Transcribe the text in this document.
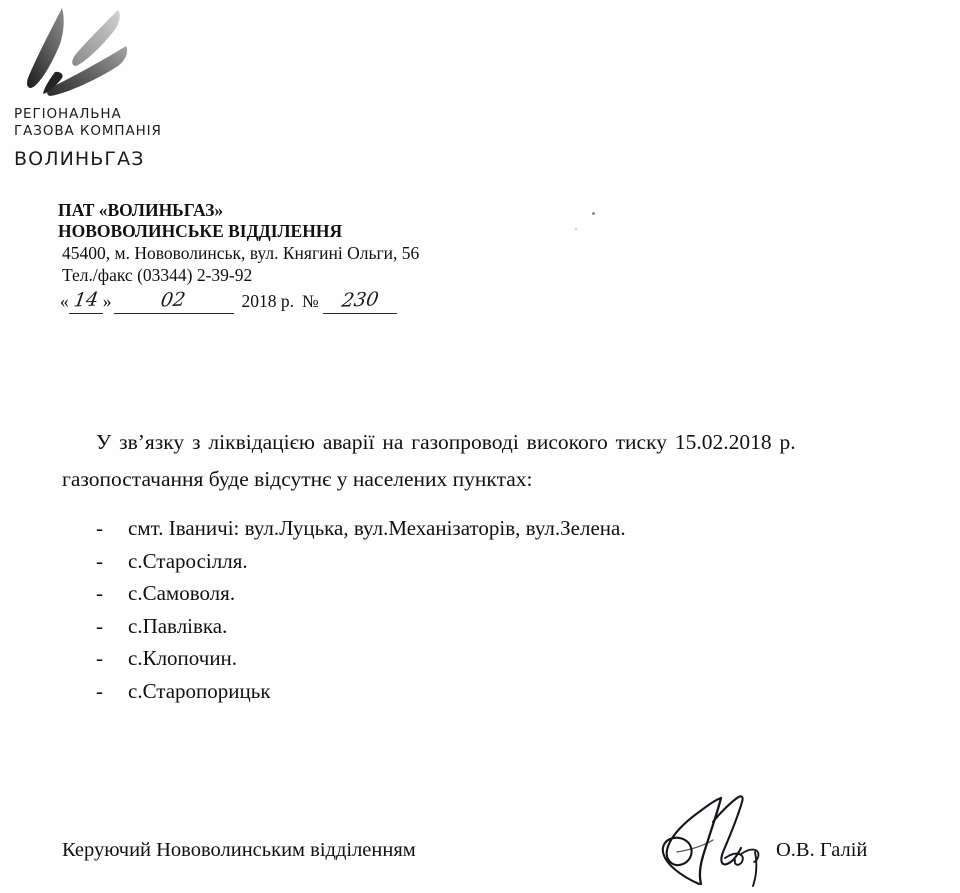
РЕГІОНАЛЬНА
ГАЗОВА КОМПАНІЯ
ВОЛИНЬГАЗ
ПАТ «ВОЛИНЬГАЗ»
НОВОВОЛИНСЬКЕ ВІДДІЛЕННЯ
45400, м. Нововолинськ, вул. Княгині Ольги, 56
Тел./факс (03344) 2-39-92
« 14 »	02	2018 р. №	230

У зв’язку з ліквідацією аварії на газопроводі високого тиску 15.02.2018 р.

газопостачання буде відсутнє у населених пунктах:

-	смт. Іваничі: вул.Луцька, вул.Механізаторів, вул.Зелена.
-	с.Старосілля.
-	с.Самоволя.
-	с.Павлівка.
-	с.Клопочин.
-	с.Старопорицьк
Керуючий Нововолинським відділенням	О.В. Галій
